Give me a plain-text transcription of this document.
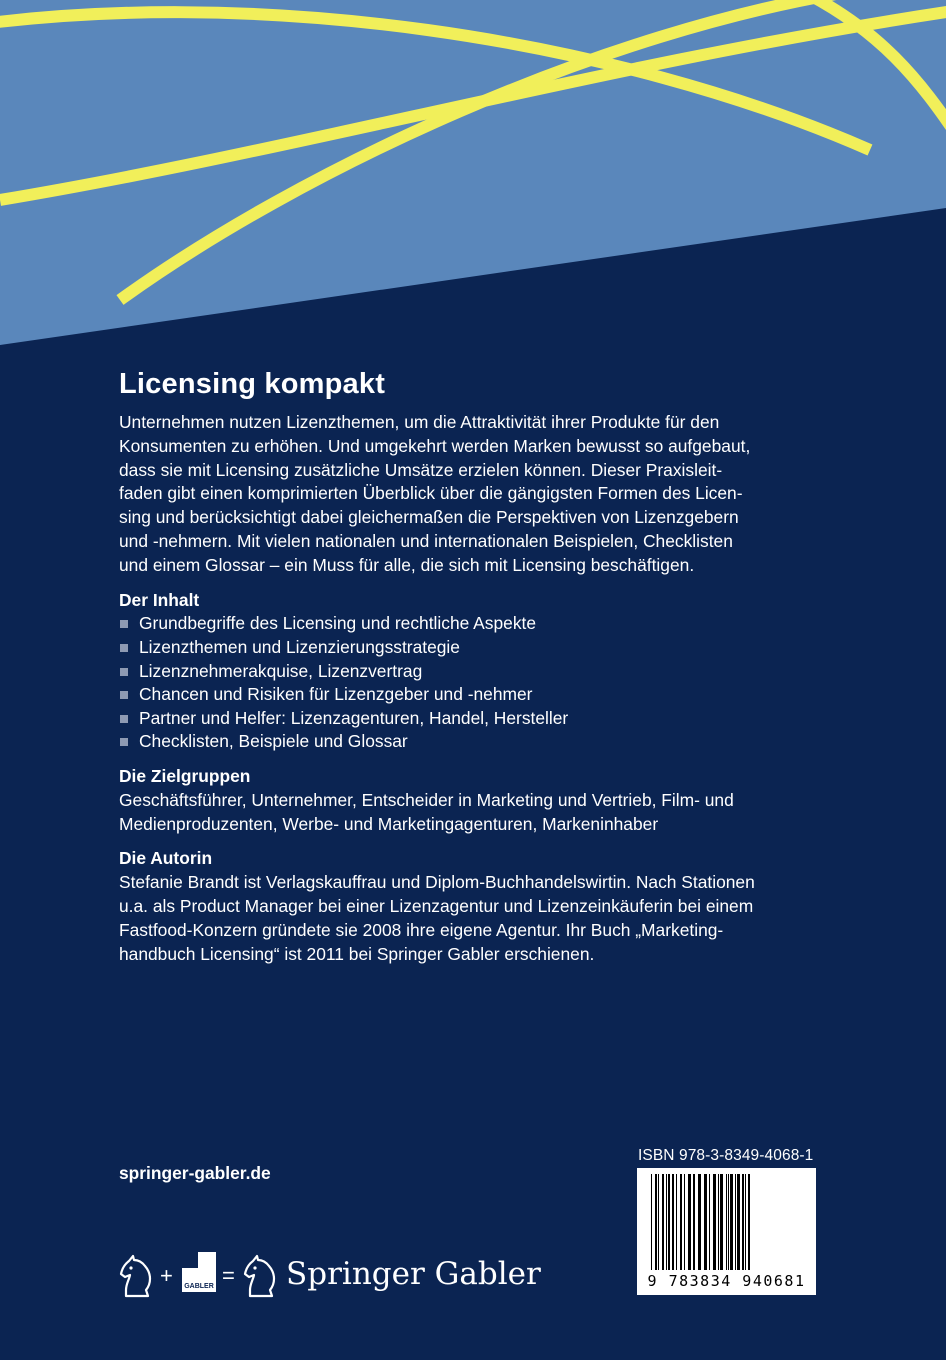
Licensing kompakt

Unternehmen nutzen Lizenzthemen, um die Attraktivität ihrer Produkte für den
Konsumenten zu erhöhen. Und umgekehrt werden Marken bewusst so aufgebaut,
dass sie mit Licensing zusätzliche Umsätze erzielen können. Dieser Praxisleit-
faden gibt einen komprimierten Überblick über die gängigsten Formen des Licen-
sing und berücksichtigt dabei gleichermaßen die Perspektiven von Lizenzgebern
und -nehmern. Mit vielen nationalen und internationalen Beispielen, Checklisten
und einem Glossar – ein Muss für alle, die sich mit Licensing beschäftigen.

Der Inhalt
Grundbegriffe des Licensing und rechtliche Aspekte
Lizenzthemen und Lizenzierungsstrategie
Lizenznehmerakquise, Lizenzvertrag
Chancen und Risiken für Lizenzgeber und -nehmer
Partner und Helfer: Lizenzagenturen, Handel, Hersteller
Checklisten, Beispiele und Glossar
Die Zielgruppen

Geschäftsführer, Unternehmer, Entscheider in Marketing und Vertrieb, Film- und
Medienproduzenten, Werbe- und Marketingagenturen, Markeninhaber

Die Autorin

Stefanie Brandt ist Verlagskauffrau und Diplom-Buchhandelswirtin. Nach Stationen
u.a. als Product Manager bei einer Lizenzagentur und Lizenzeinkäuferin bei einem
Fastfood-Konzern gründete sie 2008 ihre eigene Agentur. Ihr Buch „Marketing-
handbuch Licensing“ ist 2011 bei Springer Gabler erschienen.

springer-gabler.de
+	GABLER = Springer Gabler
ISBN 978-3-8349-4068-1
9 783834 940681
